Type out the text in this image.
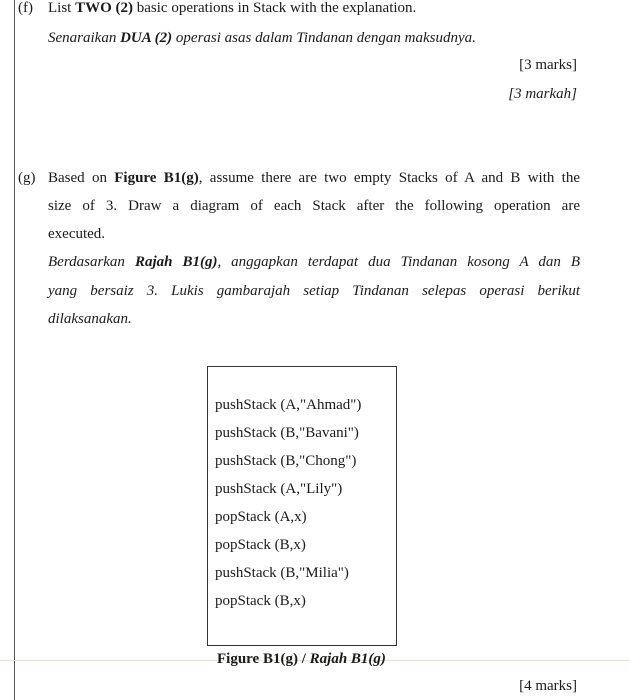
(f) List TWO (2) basic operations in Stack with the explanation.
Senaraikan DUA (2) operasi asas dalam Tindanan dengan maksudnya.
[3 marks]
[3 markah]
(g) Based on Figure B1(g), assume there are two empty Stacks of A and B with the
size of 3. Draw a diagram of each Stack after the following operation are
executed.
Berdasarkan Rajah B1(g), anggapkan terdapat dua Tindanan kosong A dan B
yang bersaiz 3. Lukis gambarajah setiap Tindanan selepas operasi berikut
dilaksanakan.
pushStack (A,"Ahmad")
pushStack (B,"Bavani")
pushStack (B,"Chong")
pushStack (A,"Lily")
popStack (A,x)
popStack (B,x)
pushStack (B,"Milia")
popStack (B,x)
Figure B1(g) / Rajah B1(g)
[4 marks]
